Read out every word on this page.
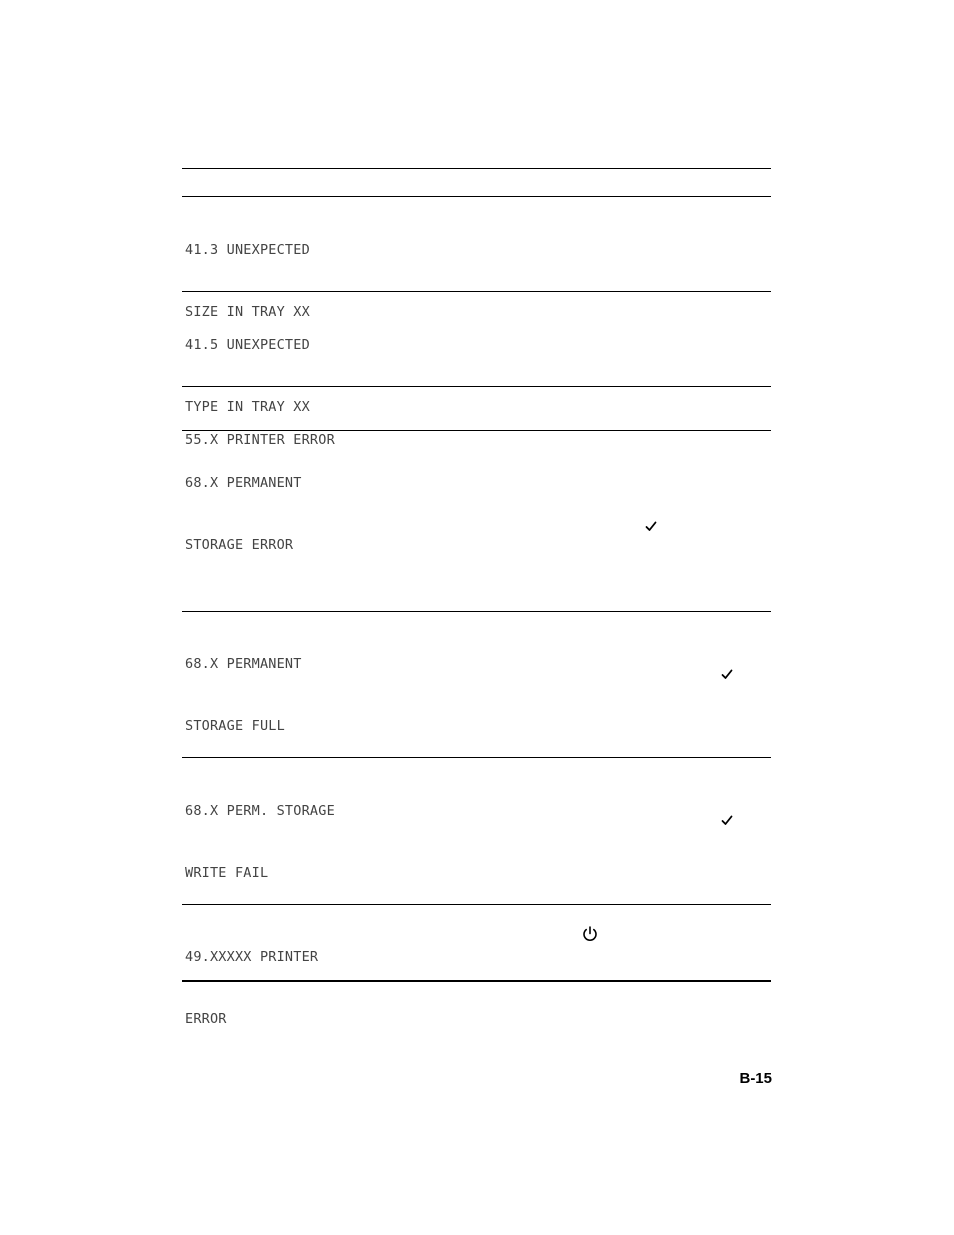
41.3 UNEXPECTED

SIZE IN TRAY XX

41.5 UNEXPECTED

TYPE IN TRAY XX

55.X PRINTER ERROR

68.X PERMANENT

STORAGE ERROR

68.X PERMANENT

STORAGE FULL

68.X PERM. STORAGE

WRITE FAIL

49.XXXXX PRINTER

ERROR

B-15
